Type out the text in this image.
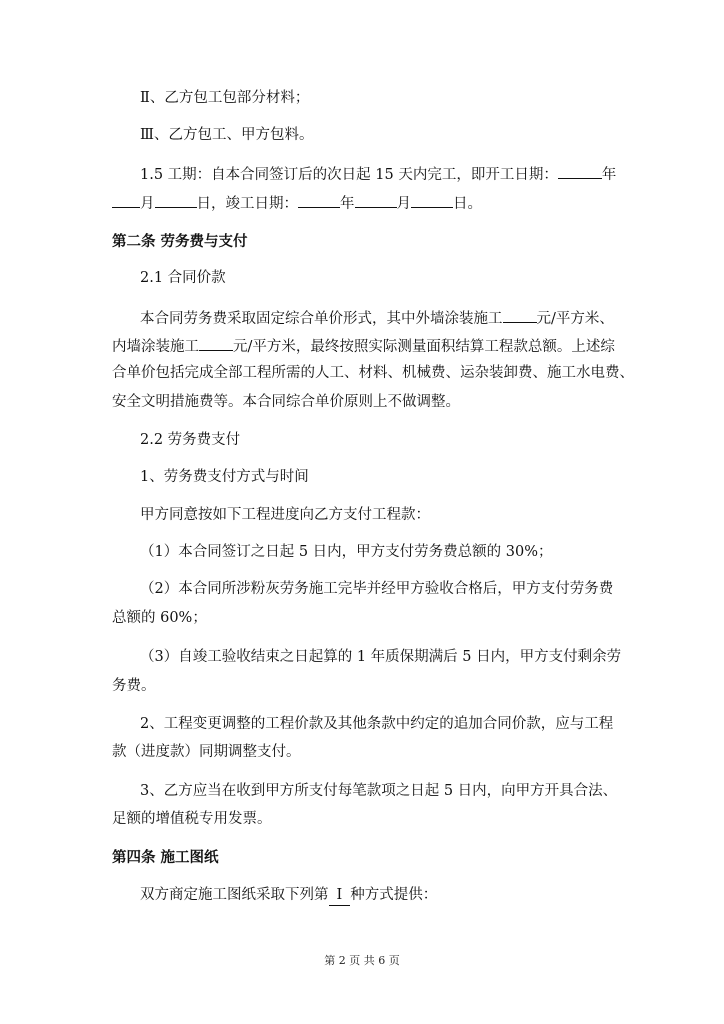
Ⅱ、乙方包工包部分材料；
Ⅲ、乙方包工、甲方包料。
1.5 工期：自本合同签订后的次日起 15 天内完工，即开工日期：	年
月	日，竣工日期：	年	月	日。
第二条 劳务费与支付
2.1 合同价款
本合同劳务费采取固定综合单价形式，其中外墙涂装施工 元/平方米、
内墙涂装施工 元/平方米，最终按照实际测量面积结算工程款总额。上述综
合单价包括完成全部工程所需的人工、材料、机械费、运杂装卸费、施工水电费、
安全文明措施费等。本合同综合单价原则上不做调整。
2.2 劳务费支付
1、劳务费支付方式与时间
甲方同意按如下工程进度向乙方支付工程款：
（1）本合同签订之日起 5 日内，甲方支付劳务费总额的 30%；
（2）本合同所涉粉灰劳务施工完毕并经甲方验收合格后，甲方支付劳务费
总额的 60%；
（3）自竣工验收结束之日起算的 1 年质保期满后 5 日内，甲方支付剩余劳
务费。
2、工程变更调整的工程价款及其他条款中约定的追加合同价款，应与工程
款（进度款）同期调整支付。
3、乙方应当在收到甲方所支付每笔款项之日起 5 日内，向甲方开具合法、
足额的增值税专用发票。
第四条 施工图纸
双方商定施工图纸采取下列第 Ⅰ 种方式提供：
第 2 页 共 6 页
